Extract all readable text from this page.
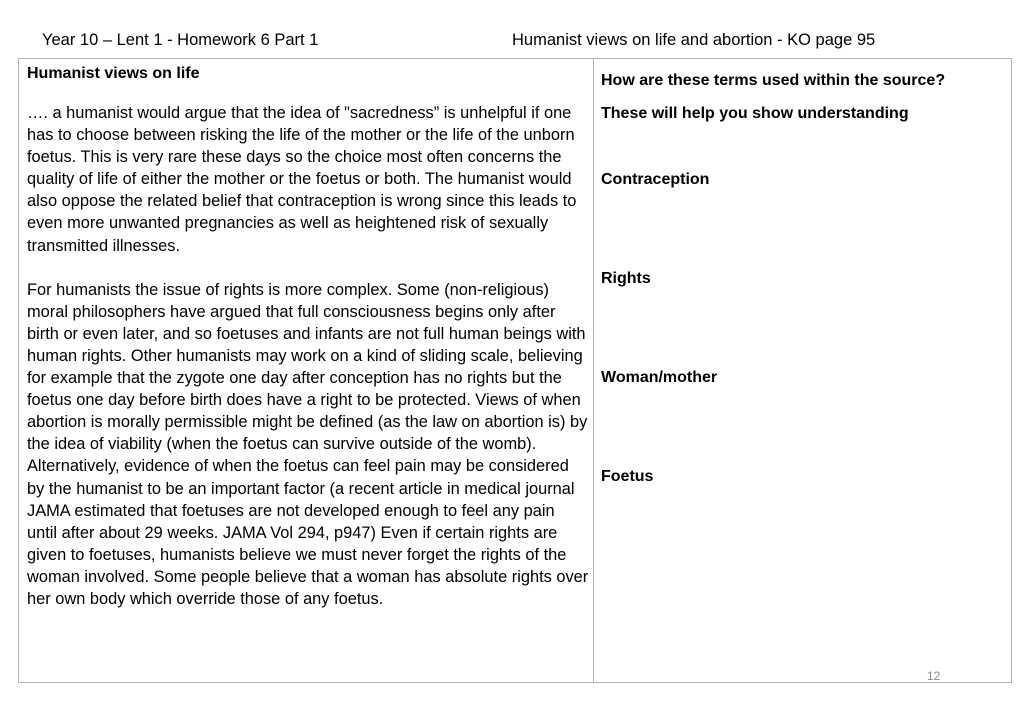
Year 10 – Lent 1 - Homework 6 Part 1	Humanist views on life and abortion - KO page 95
Humanist views on life

…. a humanist would argue that the idea of "sacredness” is unhelpful if one has to choose between risking the life of the mother or the life of the unborn foetus. This is very rare these days so the choice most often concerns the quality of life of either the mother or the foetus or both. The humanist would also oppose the related belief that contraception is wrong since this leads to even more unwanted pregnancies as well as heightened risk of sexually transmitted illnesses.

For humanists the issue of rights is more complex. Some (non-religious) moral philosophers have argued that full consciousness begins only after birth or even later, and so foetuses and infants are not full human beings with human rights. Other humanists may work on a kind of sliding scale, believing for example that the zygote one day after conception has no rights but the foetus one day before birth does have a right to be protected. Views of when abortion is morally permissible might be defined (as the law on abortion is) by the idea of viability (when the foetus can survive outside of the womb). Alternatively, evidence of when the foetus can feel pain may be considered by the humanist to be an important factor (a recent article in medical journal JAMA estimated that foetuses are not developed enough to feel any pain until after about 29 weeks. JAMA Vol 294, p947) Even if certain rights are given to foetuses, humanists believe we must never forget the rights of the woman involved. Some people believe that a woman has absolute rights over her own body which override those of any foetus.

How are these terms used within the source?
These will help you show understanding
Contraception
Rights
Woman/mother
Foetus
12
